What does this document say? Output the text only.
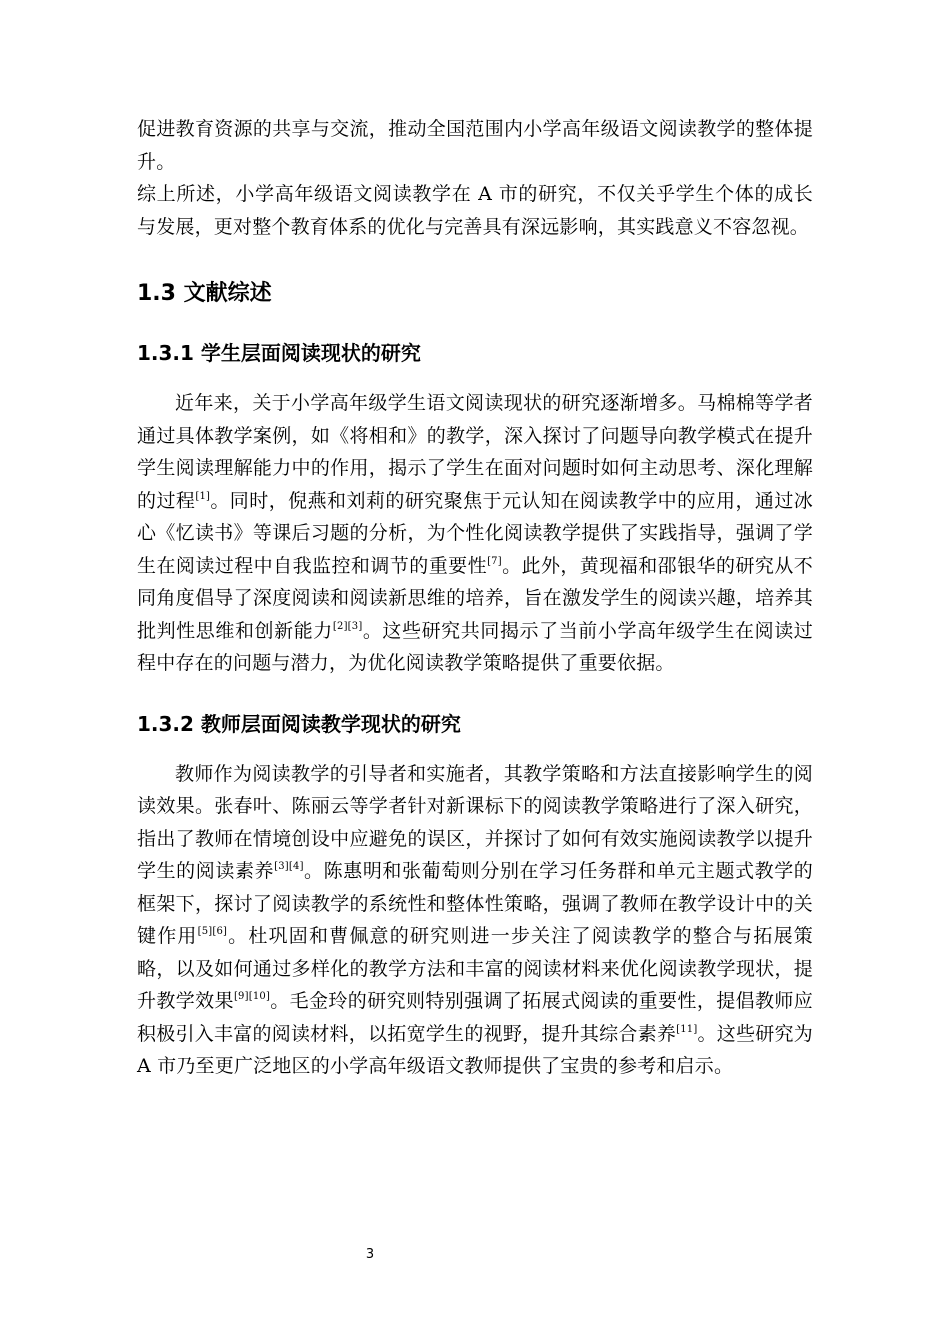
促进教育资源的共享与交流，推动全国范围内小学高年级语文阅读教学的整体提升。

综上所述，小学高年级语文阅读教学在 A 市的研究，不仅关乎学生个体的成长与发展，更对整个教育体系的优化与完善具有深远影响，其实践意义不容忽视。

1.3 文献综述
1.3.1 学生层面阅读现状的研究

近年来，关于小学高年级学生语文阅读现状的研究逐渐增多。马棉棉等学者通过具体教学案例，如《将相和》的教学，深入探讨了问题导向教学模式在提升学生阅读理解能力中的作用，揭示了学生在面对问题时如何主动思考、深化理解的过程[1]。同时，倪燕和刘莉的研究聚焦于元认知在阅读教学中的应用，通过冰心《忆读书》等课后习题的分析，为个性化阅读教学提供了实践指导，强调了学生在阅读过程中自我监控和调节的重要性[7]。此外，黄现福和邵银华的研究从不同角度倡导了深度阅读和阅读新思维的培养，旨在激发学生的阅读兴趣，培养其批判性思维和创新能力[2][3]。这些研究共同揭示了当前小学高年级学生在阅读过程中存在的问题与潜力，为优化阅读教学策略提供了重要依据。

1.3.2 教师层面阅读教学现状的研究

教师作为阅读教学的引导者和实施者，其教学策略和方法直接影响学生的阅读效果。张春叶、陈丽云等学者针对新课标下的阅读教学策略进行了深入研究，指出了教师在情境创设中应避免的误区，并探讨了如何有效实施阅读教学以提升学生的阅读素养[3][4]。陈惠明和张葡萄则分别在学习任务群和单元主题式教学的框架下，探讨了阅读教学的系统性和整体性策略，强调了教师在教学设计中的关键作用[5][6]。杜巩固和曹佩意的研究则进一步关注了阅读教学的整合与拓展策略，以及如何通过多样化的教学方法和丰富的阅读材料来优化阅读教学现状，提升教学效果[9][10]。毛金玲的研究则特别强调了拓展式阅读的重要性，提倡教师应积极引入丰富的阅读材料，以拓宽学生的视野，提升其综合素养[11]。这些研究为 A 市乃至更广泛地区的小学高年级语文教师提供了宝贵的参考和启示。

3
